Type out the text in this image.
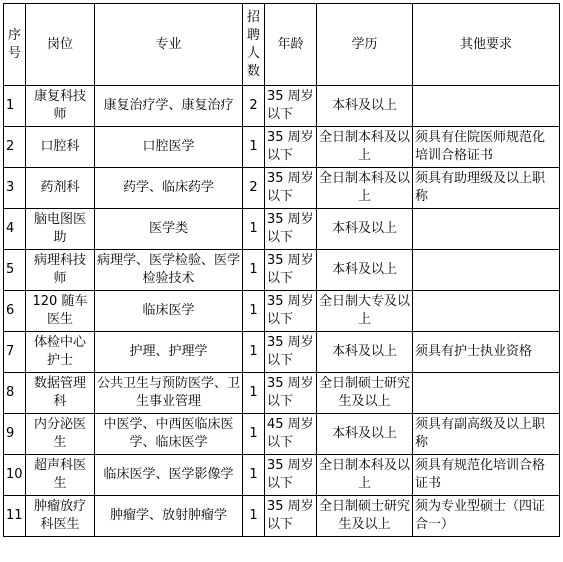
序号	岗位	专业	招聘人数	年龄	学历	其他要求
1	康复科技师	康复治疗学、康复治疗	2	35 周岁以下	本科及以上	
2	口腔科	口腔医学	1	35 周岁以下	全日制本科及以上	须具有住院医师规范化培训合格证书
3	药剂科	药学、临床药学	2	35 周岁以下	全日制本科及以上	须具有助理级及以上职称
4	脑电图医助	医学类	1	35 周岁以下	本科及以上	
5	病理科技师	病理学、医学检验、医学检验技术	1	35 周岁以下	本科及以上	
6	120 随车医生	临床医学	1	35 周岁以下	全日制大专及以上	
7	体检中心护士	护理、护理学	1	35 周岁以下	本科及以上	须具有护士执业资格
8	数据管理科	公共卫生与预防医学、卫生事业管理	1	35 周岁以下	全日制硕士研究生及以上	
9	内分泌医生	中医学、中西医临床医学、临床医学	1	45 周岁以下	本科及以上	须具有副高级及以上职称
10	超声科医生	临床医学、医学影像学	1	35 周岁以下	全日制本科及以上	须具有规范化培训合格证书
11	肿瘤放疗科医生	肿瘤学、放射肿瘤学	1	35 周岁以下	全日制硕士研究生及以上	须为专业型硕士（四证合一）
